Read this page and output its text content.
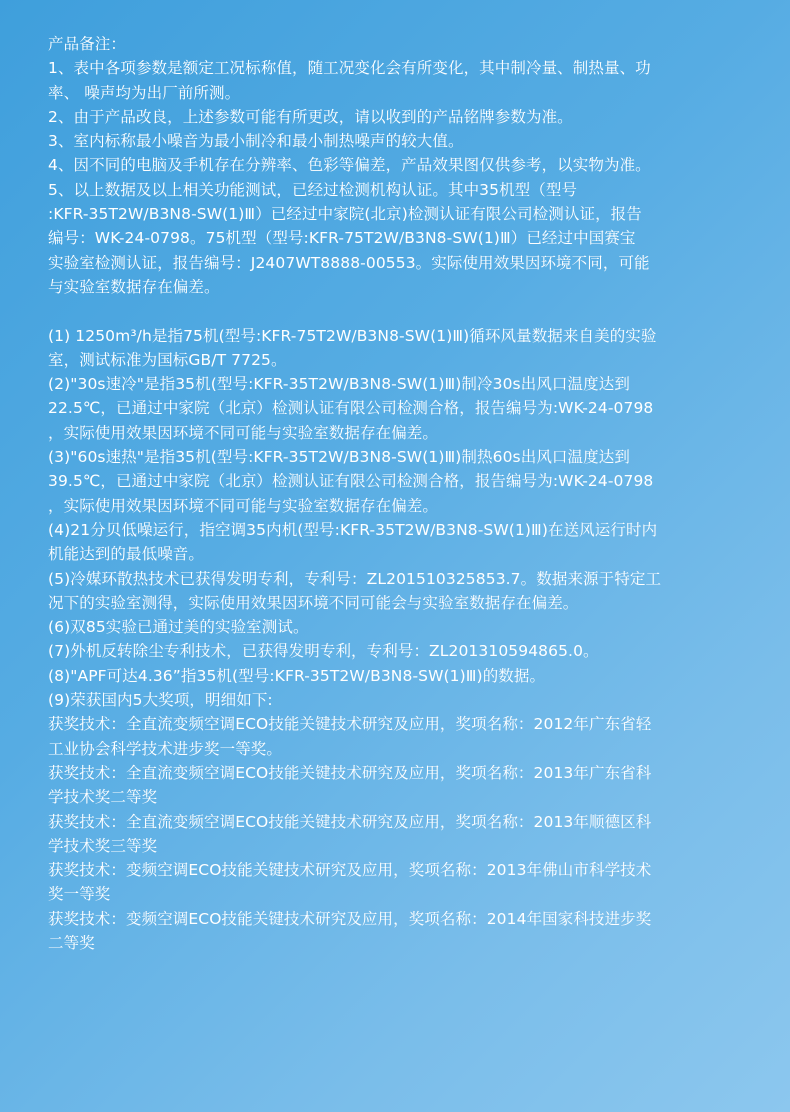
产品备注：
1、表中各项参数是额定工况标称值，随工况变化会有所变化，其中制冷量、制热量、功
率、 噪声均为出厂前所测。
2、由于产品改良，上述参数可能有所更改，请以收到的产品铭牌参数为准。
3、室内标称最小噪音为最小制冷和最小制热噪声的较大值。
4、因不同的电脑及手机存在分辨率、色彩等偏差，产品效果图仅供参考，以实物为准。
5、以上数据及以上相关功能测试，已经过检测机构认证。其中35机型（型号
:KFR-35T2W/B3N8-SW(1)Ⅲ）已经过中家院(北京)检测认证有限公司检测认证，报告
编号：WK-24-0798。75机型（型号:KFR-75T2W/B3N8-SW(1)Ⅲ）已经过中国赛宝
实验室检测认证，报告编号：J2407WT8888-00553。实际使用效果因环境不同，可能
与实验室数据存在偏差。
(1) 1250m³/h是指75机(型号:KFR-75T2W/B3N8-SW(1)Ⅲ)循环风量数据来自美的实验
室，测试标准为国标GB/T 7725。
(2)"30s速冷"是指35机(型号:KFR-35T2W/B3N8-SW(1)Ⅲ)制冷30s出风口温度达到
22.5℃，已通过中家院（北京）检测认证有限公司检测合格，报告编号为:WK-24-0798
，实际使用效果因环境不同可能与实验室数据存在偏差。
(3)"60s速热"是指35机(型号:KFR-35T2W/B3N8-SW(1)Ⅲ)制热60s出风口温度达到
39.5℃，已通过中家院（北京）检测认证有限公司检测合格，报告编号为:WK-24-0798
，实际使用效果因环境不同可能与实验室数据存在偏差。
(4)21分贝低噪运行，指空调35内机(型号:KFR-35T2W/B3N8-SW(1)Ⅲ)在送风运行时内
机能达到的最低噪音。
(5)冷媒环散热技术已获得发明专利，专利号：ZL201510325853.7。数据来源于特定工
况下的实验室测得，实际使用效果因环境不同可能会与实验室数据存在偏差。
(6)双85实验已通过美的实验室测试。
(7)外机反转除尘专利技术，已获得发明专利，专利号：ZL201310594865.0。
(8)"APF可达4.36”指35机(型号:KFR-35T2W/B3N8-SW(1)Ⅲ)的数据。
(9)荣获国内5大奖项，明细如下:
获奖技术：全直流变频空调ECO技能关键技术研究及应用，奖项名称：2012年广东省轻
工业协会科学技术进步奖一等奖。
获奖技术：全直流变频空调ECO技能关键技术研究及应用，奖项名称：2013年广东省科
学技术奖二等奖
获奖技术：全直流变频空调ECO技能关键技术研究及应用，奖项名称：2013年顺德区科
学技术奖三等奖
获奖技术：变频空调ECO技能关键技术研究及应用，奖项名称：2013年佛山市科学技术
奖一等奖
获奖技术：变频空调ECO技能关键技术研究及应用，奖项名称：2014年国家科技进步奖
二等奖
